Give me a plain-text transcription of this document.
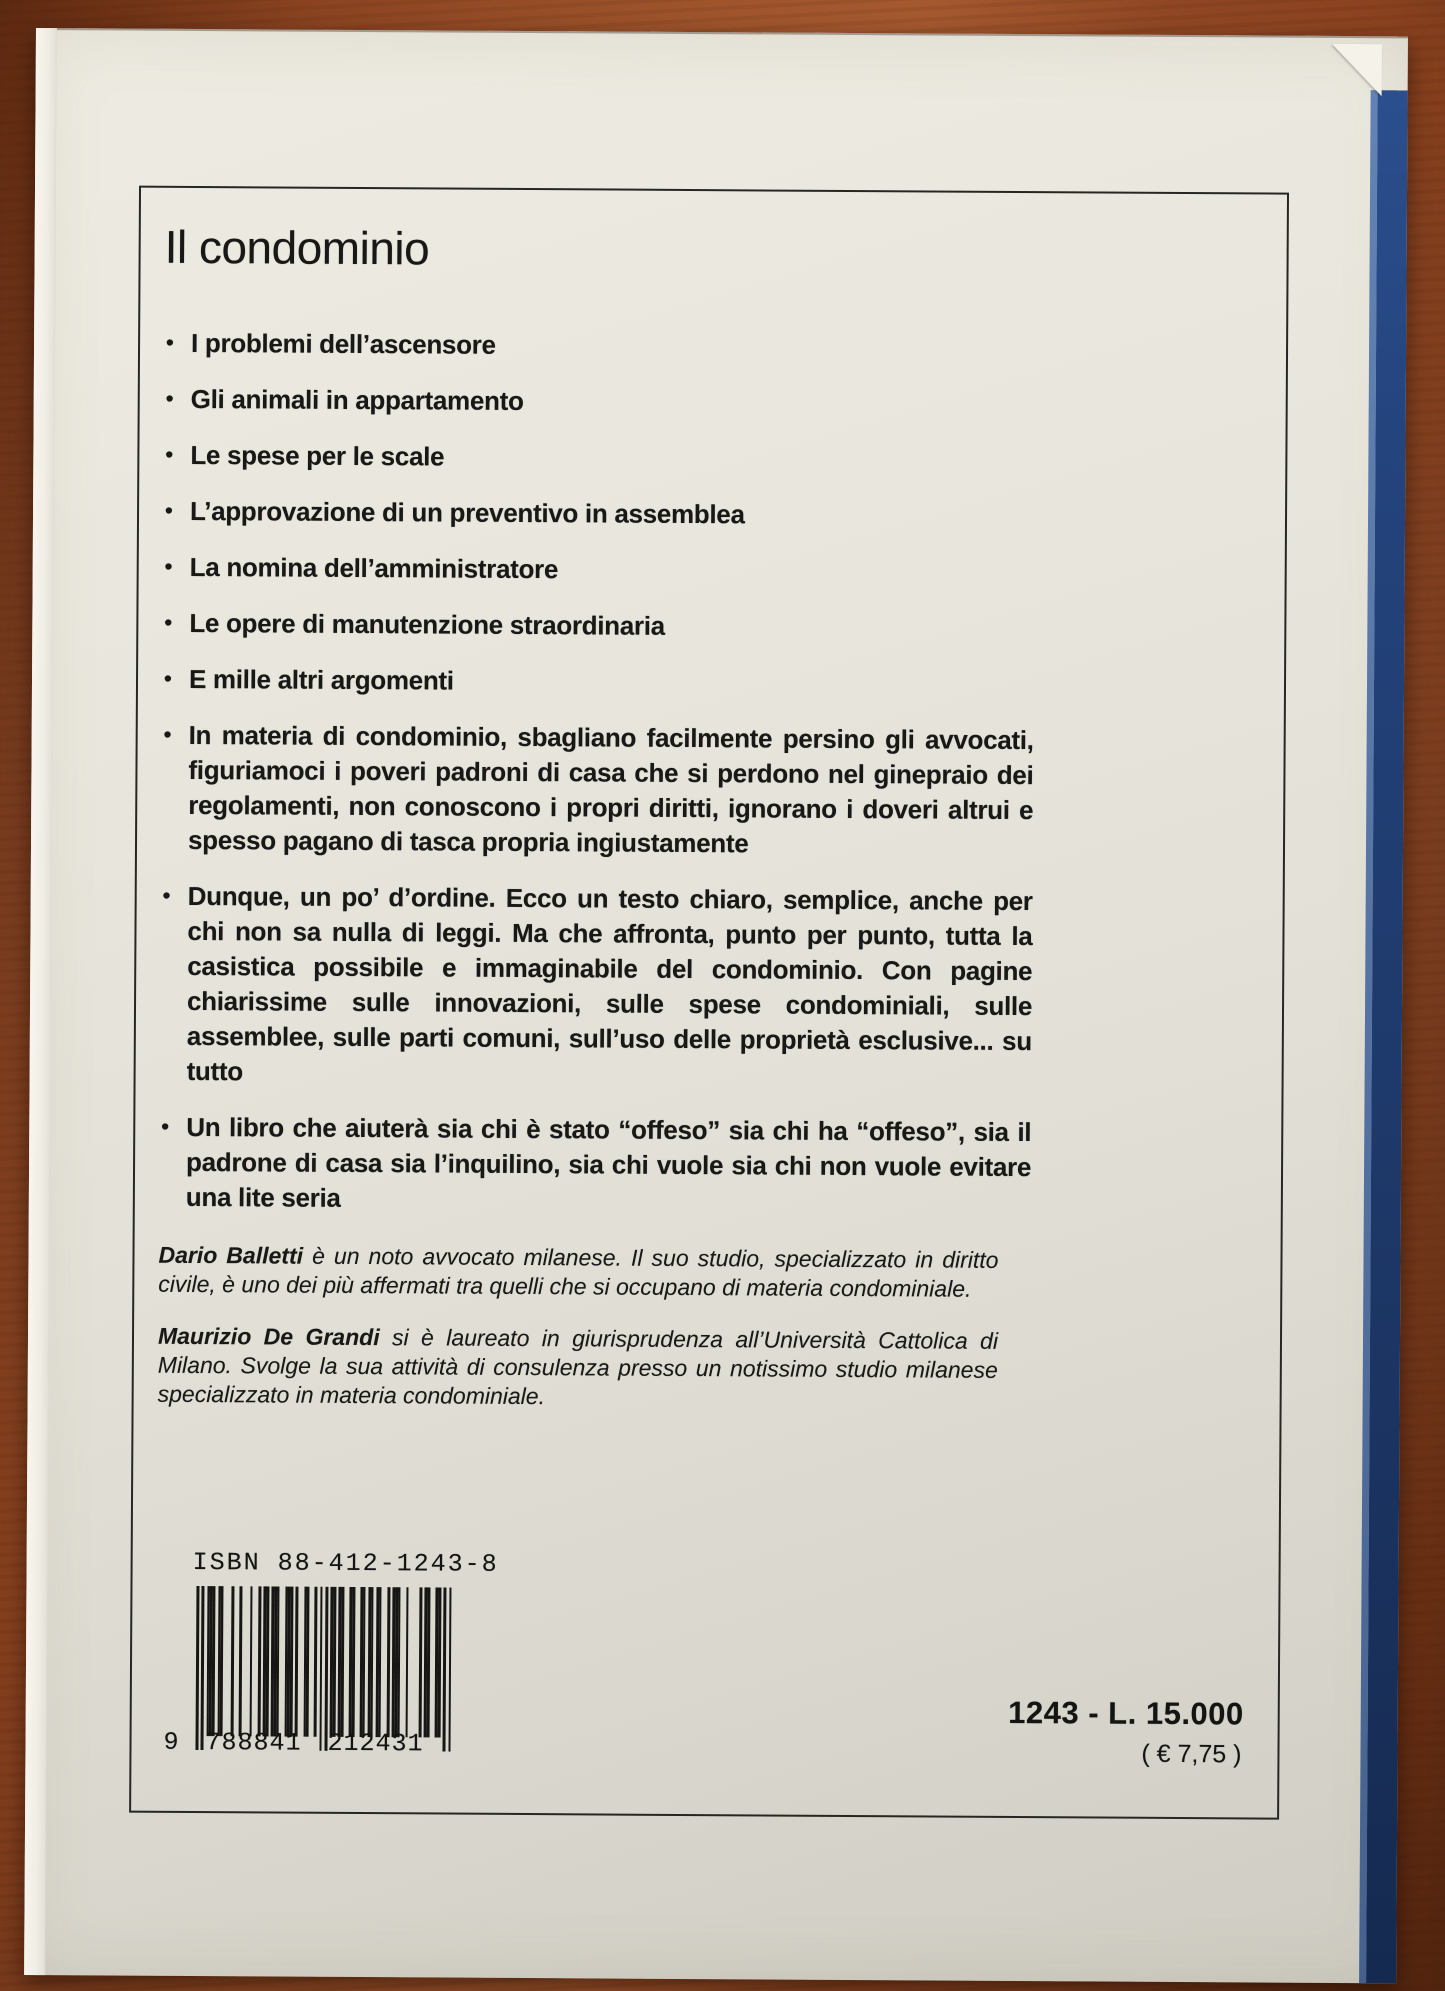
Il condominio
• I problemi dell’ascensore
• Gli animali in appartamento
• Le spese per le scale
• L’approvazione di un preventivo in assemblea
• La nomina dell’amministratore
• Le opere di manutenzione straordinaria
• E mille altri argomenti
• In materia di condominio, sbagliano facilmente persino gli avvocati, figuriamoci i poveri padroni di casa che si perdono nel ginepraio dei regolamenti, non conoscono i propri diritti, ignorano i doveri altrui e spesso pagano di tasca propria ingiustamente
• Dunque, un po’ d’ordine. Ecco un testo chiaro, semplice, anche per chi non sa nulla di leggi. Ma che affronta, punto per punto, tutta la casistica possibile e immaginabile del condominio. Con pagine chiarissime sulle innovazioni, sulle spese condominiali, sulle assemblee, sulle parti comuni, sull’uso delle proprietà esclusive... su tutto
• Un libro che aiuterà sia chi è stato “offeso” sia chi ha “offeso”, sia il padrone di casa sia l’inquilino, sia chi vuole sia chi non vuole evitare una lite seria

Dario Balletti è un noto avvocato milanese. Il suo studio, specializzato in diritto civile, è uno dei più affermati tra quelli che si occupano di materia condominiale.

Maurizio De Grandi si è laureato in giurisprudenza all’Università Cattolica di Milano. Svolge la sua attività di consulenza presso un notissimo studio milanese specializzato in materia condominiale.

ISBN 88-412-1243-8
9 788841 212431
1243 - L. 15.000
( € 7,75 )
